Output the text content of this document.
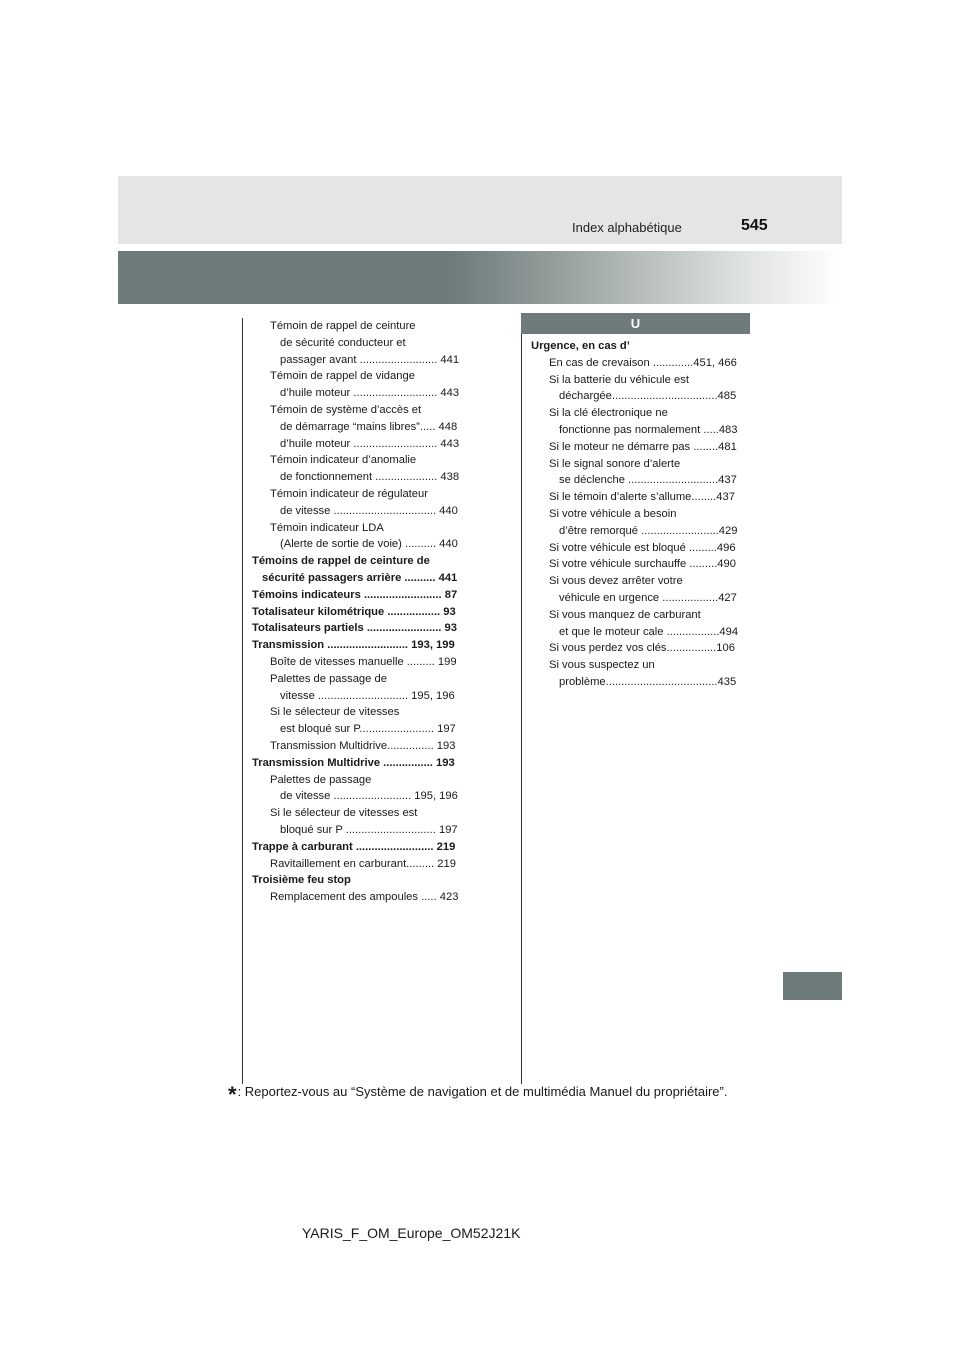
Index alphabétique	545
Témoin de rappel de ceinture
de sécurité conducteur et
passager avant ......................... 441
Témoin de rappel de vidange
d’huile moteur ........................... 443
Témoin de système d’accès et
de démarrage “mains libres”..... 448
d’huile moteur ........................... 443
Témoin indicateur d’anomalie
de fonctionnement .................... 438
Témoin indicateur de régulateur
de vitesse ................................. 440
Témoin indicateur LDA
(Alerte de sortie de voie) .......... 440
Témoins de rappel de ceinture de
sécurité passagers arrière .......... 441
Témoins indicateurs ......................... 87
Totalisateur kilométrique ................. 93
Totalisateurs partiels ........................ 93
Transmission .......................... 193, 199
Boîte de vitesses manuelle ......... 199
Palettes de passage de
vitesse ............................. 195, 196
Si le sélecteur de vitesses
est bloqué sur P........................ 197
Transmission Multidrive............... 193
Transmission Multidrive ................ 193
Palettes de passage
de vitesse ......................... 195, 196
Si le sélecteur de vitesses est
bloqué sur P ............................. 197
Trappe à carburant ......................... 219
Ravitaillement en carburant......... 219
Troisième feu stop
Remplacement des ampoules ..... 423
U
Urgence, en cas d’
En cas de crevaison .............451, 466
Si la batterie du véhicule est
déchargée..................................485
Si la clé électronique ne
fonctionne pas normalement .....483
Si le moteur ne démarre pas ........481
Si le signal sonore d’alerte
se déclenche .............................437
Si le témoin d’alerte s’allume........437
Si votre véhicule a besoin
d’être remorqué .........................429
Si votre véhicule est bloqué .........496
Si votre véhicule surchauffe .........490
Si vous devez arrêter votre
véhicule en urgence ..................427
Si vous manquez de carburant
et que le moteur cale .................494
Si vous perdez vos clés................106
Si vous suspectez un
problème....................................435
*: Reportez-vous au “Système de navigation et de multimédia Manuel du propriétaire”.
YARIS_F_OM_Europe_OM52J21K
